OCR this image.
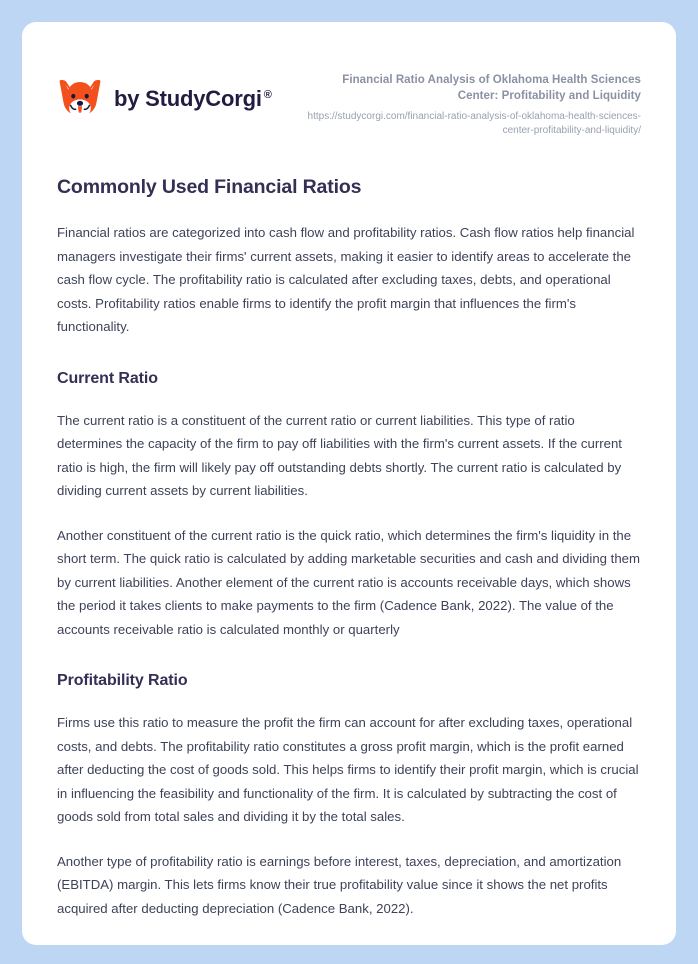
by StudyCorgi ®

Financial Ratio Analysis of Oklahoma Health Sciences Center: Profitability and Liquidity

https://studycorgi.com/financial-ratio-analysis-of-oklahoma-health-sciences-center-profitability-and-liquidity/

Commonly Used Financial Ratios

Financial ratios are categorized into cash flow and profitability ratios. Cash flow ratios help financial managers investigate their firms' current assets, making it easier to identify areas to accelerate the cash flow cycle. The profitability ratio is calculated after excluding taxes, debts, and operational costs. Profitability ratios enable firms to identify the profit margin that influences the firm's functionality.

Current Ratio

The current ratio is a constituent of the current ratio or current liabilities. This type of ratio determines the capacity of the firm to pay off liabilities with the firm's current assets. If the current ratio is high, the firm will likely pay off outstanding debts shortly. The current ratio is calculated by dividing current assets by current liabilities.

Another constituent of the current ratio is the quick ratio, which determines the firm's liquidity in the short term. The quick ratio is calculated by adding marketable securities and cash and dividing them by current liabilities. Another element of the current ratio is accounts receivable days, which shows the period it takes clients to make payments to the firm (Cadence Bank, 2022). The value of the accounts receivable ratio is calculated monthly or quarterly

Profitability Ratio

Firms use this ratio to measure the profit the firm can account for after excluding taxes, operational costs, and debts. The profitability ratio constitutes a gross profit margin, which is the profit earned after deducting the cost of goods sold. This helps firms to identify their profit margin, which is crucial in influencing the feasibility and functionality of the firm. It is calculated by subtracting the cost of goods sold from total sales and dividing it by the total sales.

Another type of profitability ratio is earnings before interest, taxes, depreciation, and amortization (EBITDA) margin. This lets firms know their true profitability value since it shows the net profits acquired after deducting depreciation (Cadence Bank, 2022).
